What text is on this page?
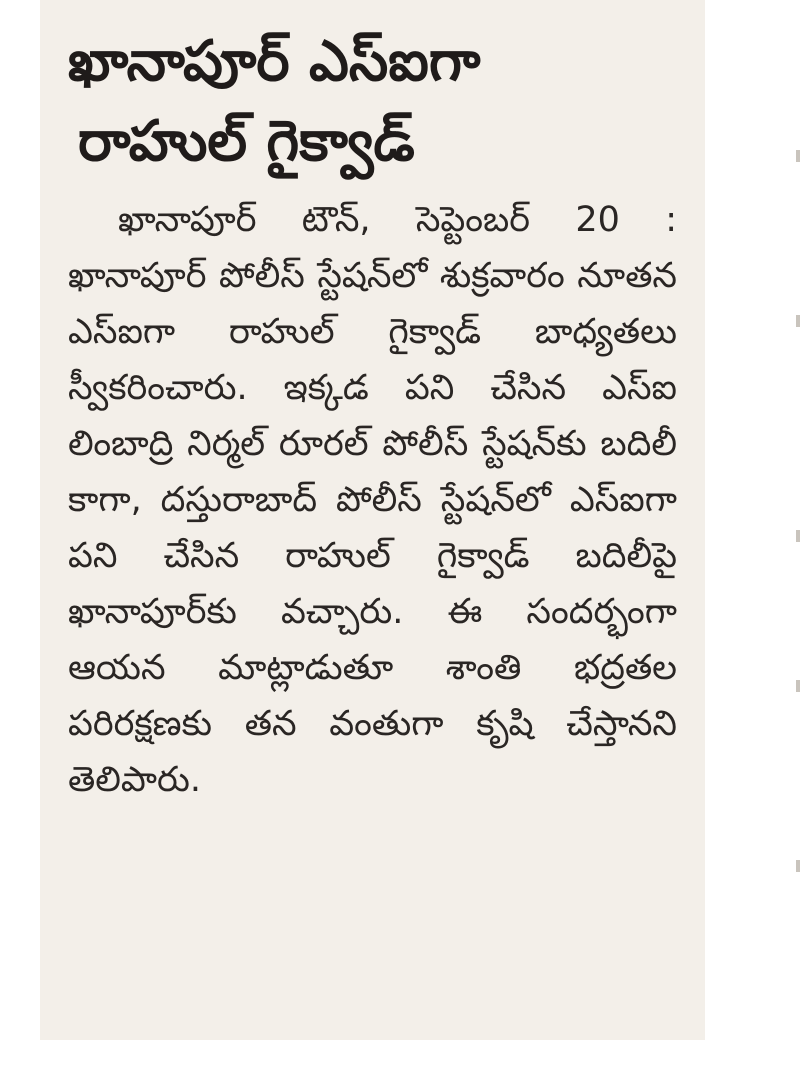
ఖానాపూర్ ఎస్ఐగా
రాహుల్ గైక్వాడ్
ఖానాపూర్ టౌన్, సెప్టెంబర్ 20 : ఖానాపూర్ పోలీస్ స్టేషన్‌లో శుక్రవారం నూతన ఎస్ఐగా రాహుల్ గైక్వాడ్ బాధ్యతలు స్వీకరించారు. ఇక్కడ పని చేసిన ఎస్ఐ లింబాద్రి నిర్మల్ రూరల్ పోలీస్ స్టేషన్‌కు బదిలీ కాగా, దస్తురాబాద్ పోలీస్ స్టేషన్‌లో ఎస్ఐగా పని చేసిన రాహుల్ గైక్వాడ్ బదిలీపై ఖానాపూర్‌కు వచ్చారు. ఈ సందర్భంగా ఆయన మాట్లాడుతూ శాంతి భద్రతల పరిరక్షణకు తన వంతుగా కృషి చేస్తానని తెలిపారు.
